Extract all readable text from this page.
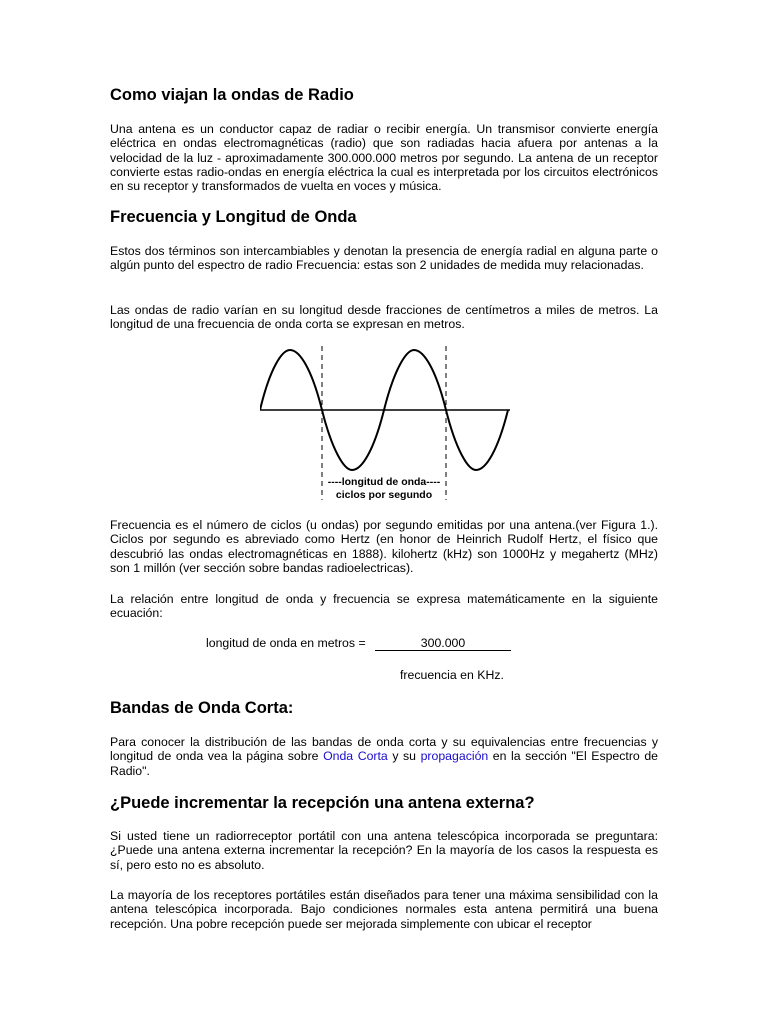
Como viajan la ondas de Radio

Una antena es un conductor capaz de radiar o recibir energía. Un transmisor convierte energía eléctrica en ondas electromagnéticas (radio) que son radiadas hacia afuera por antenas a la velocidad de la luz - aproximadamente 300.000.000 metros por segundo. La antena de un receptor convierte estas radio-ondas en energía eléctrica la cual es interpretada por los circuitos electrónicos en su receptor y transformados de vuelta en voces y música.

Frecuencia y Longitud de Onda

Estos dos términos son intercambiables y denotan la presencia de energía radial en alguna parte o algún punto del espectro de radio Frecuencia: estas son 2 unidades de medida muy relacionadas.

Las ondas de radio varían en su longitud desde fracciones de centímetros a miles de metros. La longitud de una frecuencia de onda corta se expresan en metros.

----longitud de onda----
ciclos por segundo

Frecuencia es el número de ciclos (u ondas) por segundo emitidas por una antena.(ver Figura 1.). Ciclos por segundo es abreviado como Hertz (en honor de Heinrich Rudolf Hertz, el físico que descubrió las ondas electromagnéticas en 1888). kilohertz (kHz) son 1000Hz y megahertz (MHz) son 1 millón (ver sección sobre bandas radioelectricas).

La relación entre longitud de onda y frecuencia se expresa matemáticamente en la siguiente ecuación:

longitud de onda en metros =	300.000
frecuencia en KHz.
Bandas de Onda Corta:

Para conocer la distribución de las bandas de onda corta y su equivalencias entre frecuencias y longitud de onda vea la página sobre Onda Corta y su propagación en la sección "El Espectro de Radio".

¿Puede incrementar la recepción una antena externa?

Si usted tiene un radiorreceptor portátil con una antena telescópica incorporada se preguntara: ¿Puede una antena externa incrementar la recepción? En la mayoría de los casos la respuesta es sí, pero esto no es absoluto.

La mayoría de los receptores portátiles están diseñados para tener una máxima sensibilidad con la antena telescópica incorporada. Bajo condiciones normales esta antena permitirá una buena recepción. Una pobre recepción puede ser mejorada simplemente con ubicar el receptor
